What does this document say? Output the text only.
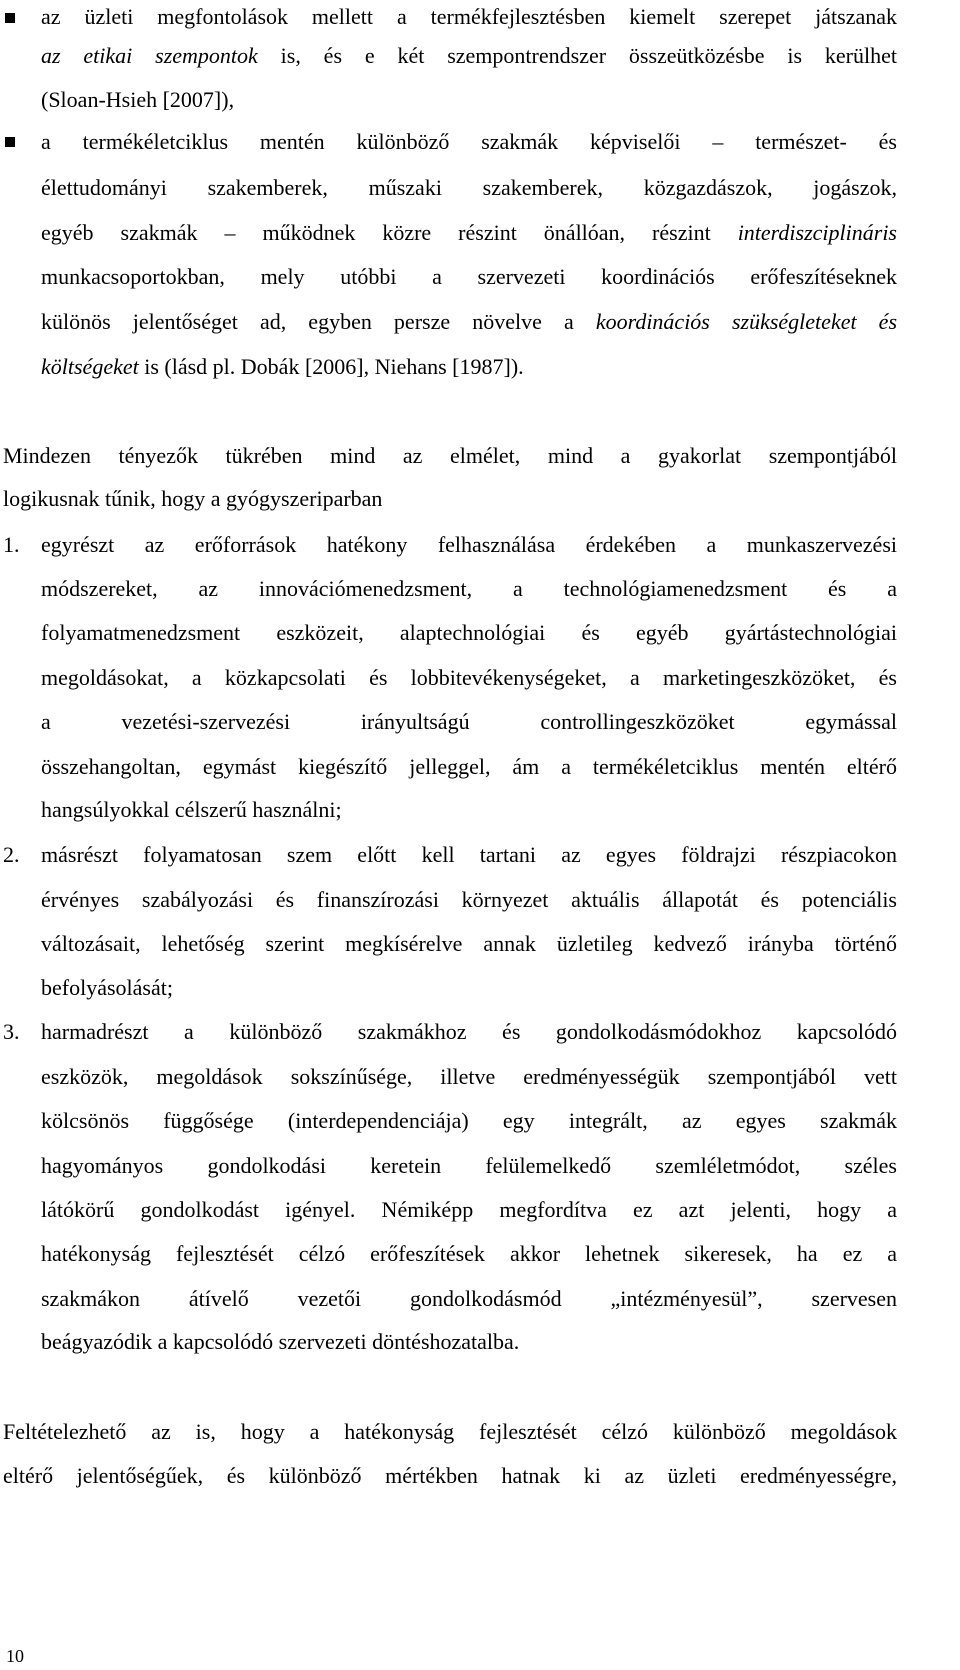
az üzleti megfontolások mellett a termékfejlesztésben kiemelt szerepet játszanak
az etikai szempontok is, és e két szempontrendszer összeütközésbe is kerülhet
(Sloan-Hsieh [2007]),
a termékéletciklus mentén különböző szakmák képviselői – természet- és
élettudományi szakemberek, műszaki szakemberek, közgazdászok, jogászok,
egyéb szakmák – működnek közre részint önállóan, részint interdiszciplináris
munkacsoportokban, mely utóbbi a szervezeti koordinációs erőfeszítéseknek
különös jelentőséget ad, egyben persze növelve a koordinációs szükségleteket és
költségeket is (lásd pl. Dobák [2006], Niehans [1987]).
Mindezen tényezők tükrében mind az elmélet, mind a gyakorlat szempontjából
logikusnak tűnik, hogy a gyógyszeriparban
1. egyrészt az erőforrások hatékony felhasználása érdekében a munkaszervezési
módszereket, az innovációmenedzsment, a technológiamenedzsment és a
folyamatmenedzsment eszközeit, alaptechnológiai és egyéb gyártástechnológiai
megoldásokat, a közkapcsolati és lobbitevékenységeket, a marketingeszközöket, és
a vezetési-szervezési irányultságú controllingeszközöket egymással
összehangoltan, egymást kiegészítő jelleggel, ám a termékéletciklus mentén eltérő
hangsúlyokkal célszerű használni;
2. másrészt folyamatosan szem előtt kell tartani az egyes földrajzi részpiacokon
érvényes szabályozási és finanszírozási környezet aktuális állapotát és potenciális
változásait, lehetőség szerint megkísérelve annak üzletileg kedvező irányba történő
befolyásolását;
3. harmadrészt a különböző szakmákhoz és gondolkodásmódokhoz kapcsolódó
eszközök, megoldások sokszínűsége, illetve eredményességük szempontjából vett
kölcsönös függősége (interdependenciája) egy integrált, az egyes szakmák
hagyományos gondolkodási keretein felülemelkedő szemléletmódot, széles
látókörű gondolkodást igényel. Némiképp megfordítva ez azt jelenti, hogy a
hatékonyság fejlesztését célzó erőfeszítések akkor lehetnek sikeresek, ha ez a
szakmákon átívelő vezetői gondolkodásmód „intézményesül”, szervesen
beágyazódik a kapcsolódó szervezeti döntéshozatalba.
Feltételezhető az is, hogy a hatékonyság fejlesztését célzó különböző megoldások
eltérő jelentőségűek, és különböző mértékben hatnak ki az üzleti eredményességre,
10
